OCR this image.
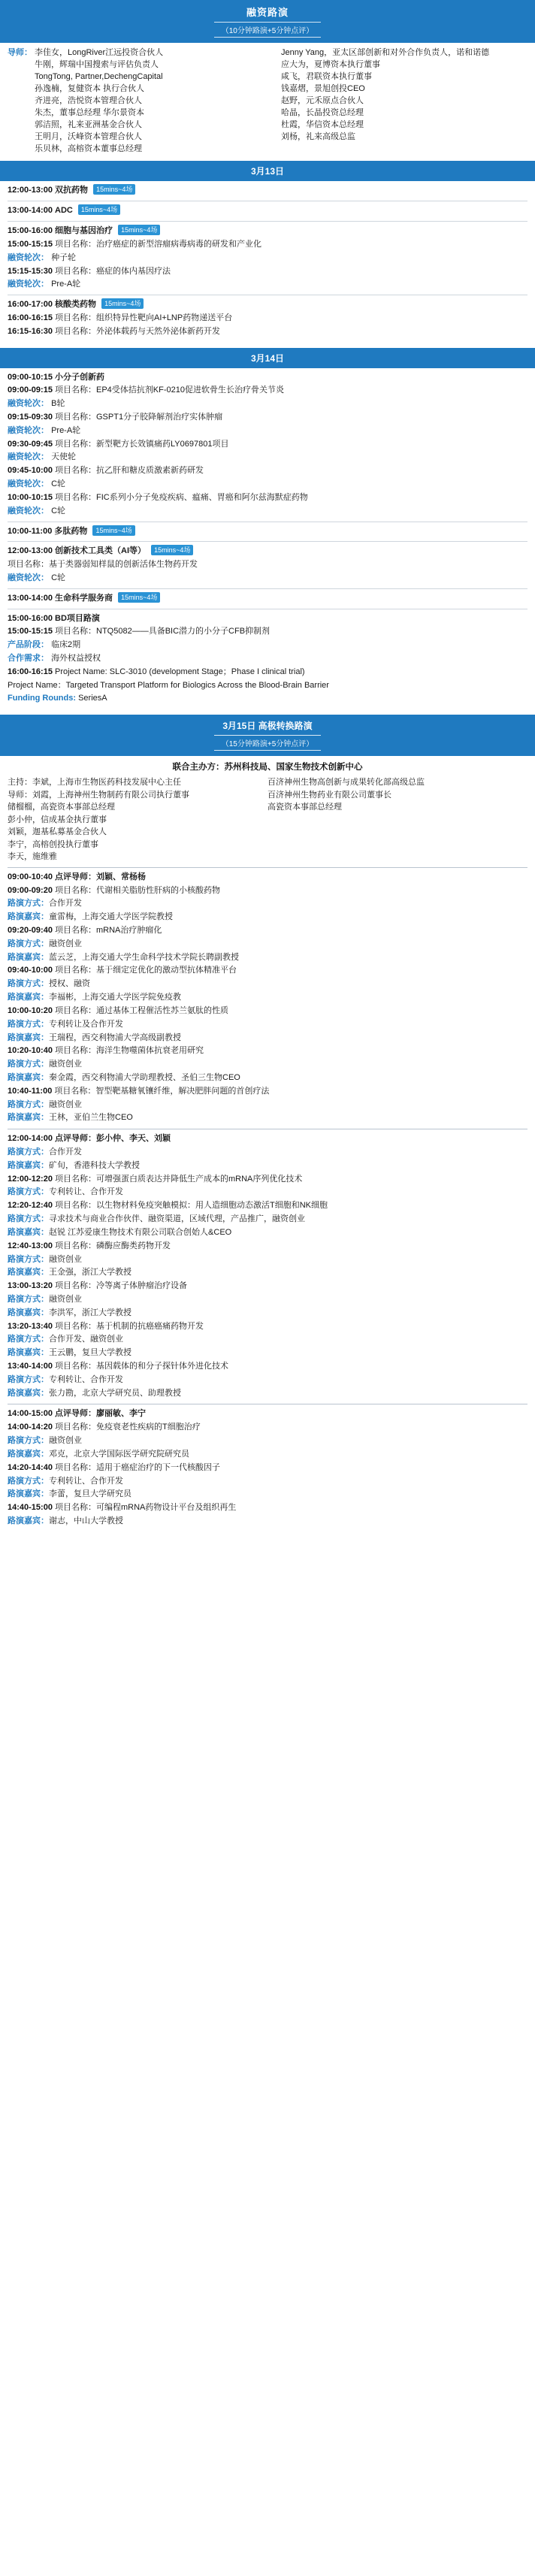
融资路演
（10分钟路演+5分钟点评）
导师： 李佳女，LongRiver江远投资合伙人
牛刚，辉瑞中国搜索与评估负责人
TongTong, Partner,DechengCapital
孙逸楠，复健资本 执行合伙人
齐进亮，浩悦资本管理合伙人
朱杰，董事总经理 华尔景资本
郭洁照，礼来亚洲基金合伙人
王明月，沃峰资本管理合伙人
乐贝林，高榕资本董事总经理
Jenny Yang，亚太区部创新和对外合作负责人，诺和诺德
应大为，夏博资本执行董事
咸飞，君联资本执行董事
钱嘉熠，景旭创投CEO
赵野，元禾原点合伙人
哈晶，长晶投资总经理
杜霞，华信资本总经理
刘杨，礼来高级总监
3月13日
12:00-13:00 双抗药物 15mins~4场
13:00-14:00 ADC 15mins~4场
15:00-16:00 细胞与基因治疗 15mins~4场
15:00-15:15 项目名称：治疗癌症的新型溶瘤病毒病毒的研发和产业化
融资轮次： 种子轮
15:15-15:30 项目名称：癌症的体内基因疗法
融资轮次： Pre-A轮
16:00-17:00 核酸类药物 15mins~4场
16:00-16:15 项目名称：组织特异性靶向AI+LNP药物递送平台
16:15-16:30 项目名称：外泌体载药与天然外泌体新药开发
3月14日
09:00-10:15 小分子创新药
09:00-09:15 项目名称：EP4受体拮抗剂KF-0210促进软骨生长治疗骨关节炎
融资轮次： B轮
09:15-09:30 项目名称：GSPT1分子胶降解剂治疗实体肿瘤
融资轮次： Pre-A轮
09:30-09:45 项目名称：新型靶方长效镇痛药LY0697801项目
融资轮次： 天使轮
09:45-10:00 项目名称：抗乙肝和糖皮质激素新药研发
融资轮次： C轮
10:00-10:15 项目名称：FIC系列小分子免疫疾病、瘟痛、胃癌和阿尔兹海默症药物
融资轮次： C轮
10:00-11:00 多肽药物 15mins~4场
12:00-13:00 创新技术工具类（AI等） 15mins~4场
项目名称：基于类器弱知样鼠的创新活体生物药开发
融资轮次： C轮
13:00-14:00 生命科学服务商 15mins~4场
15:00-16:00 BD项目路演
15:00-15:15 项目名称：NTQ5082——具备BIC潜力的小分子CFB抑制剂
产品阶段： 临床2期
合作需求： 海外权益授权
16:00-16:15 Project Name: SLC-3010 (development Stage；Phase I clinical trial)
Project Name：Targeted Transport Platform for Biologics Across the Blood-Brain Barrier
Funding Rounds: SeriesA
3月15日 高极转换路演
（15分钟路演+5分钟点评）
联合主办方：苏州科技局、国家生物技术创新中心
主持：李斌，上海市生物医药科技发展中心主任
导师：刘霞，上海神州生物制药有限公司执行董事
储榴榴，高瓷资本事部总经理
彭小仲，信成基金执行董事
刘颖，迦基私募基金合伙人
李宁，高榕创投执行董事
李天，施维雅
百济神州生物高创新与成果转化部高级总监
百济神州生物药业有限公司董事长
高瓷资本事部总经理
09:00-10:40 点评导师：刘颖、常杨杨
09:00-09:20 项目名称：代谢相关脂肪性肝病的小核酸药物
路演方式：合作开发
路演嘉宾：童雷梅，上海交通大学医学院教授
09:20-09:40 项目名称：mRNA治疗肿瘤化
路演方式：融资创业
路演嘉宾：蓝云芝，上海交通大学生命科学技术学院长聘副教授
09:40-10:00 项目名称：基于细定定优化的激动型抗体精准平台
路演方式：授权、融资
路演嘉宾：李福彬，上海交通大学医学院免疫教
10:00-10:20 项目名称：通过基体工程催活性苏兰氨肽的性质
路演方式：专利转让及合作开发
路演嘉宾：王瑞程，西交利物浦大学高级副教授
10:20-10:40 项目名称：海洋生物噬菌体抗衰老用研究
路演方式：融资创业
路演嘉宾：秦金霞，西交利物浦大学助理教授、圣伯三生物CEO
10:40-11:00 项目名称：智型靶基糖氧镶纤维，解决肥胖问题的首创疗法
路演方式：融资创业
路演嘉宾：王林，亚伯兰生物CEO
12:00-14:00 点评导师：彭小仲、李天、刘颖
路演方式：合作开发
路演嘉宾：矿旬，香港科技大学教授
12:00-12:20 项目名称：可增强蛋白质表达并降低生产成本的mRNA序列优化技术
路演方式：专利转让、合作开发
12:20-12:40 项目名称：以生物材料免疫突触模拟：用人造细胞动态激活T细胞和NK细胞
路演方式：寻求技术与商业合作伙伴、融资渠道，区域代理，产品推广，融资创业
路演嘉宾：赵锐 江苏爱康生物技术有限公司联合创始人&CEO
12:40-13:00 项目名称：磷酶应酶类药物开发
路演方式：融资创业
路演嘉宾：王金强，浙江大学教授
13:00-13:20 项目名称：冷等离子体肿瘤治疗设备
路演方式：融资创业
路演嘉宾：李洪军，浙江大学教授
13:20-13:40 项目名称：基于机制的抗癌癌痛药物开发
路演方式：合作开发、融资创业
路演嘉宾：王云鹏，复旦大学教授
13:40-14:00 项目名称：基因载体的和分子探针体外进化技术
路演方式：专利转让、合作开发
路演嘉宾：张力勘，北京大学研究员、助理教授
14:00-15:00 点评导师：廖丽敏、李宁
14:00-14:20 项目名称：免疫衰老性疾病的T细胞治疗
路演方式：融资创业
路演嘉宾：邓克，北京大学国际医学研究院研究员
14:20-14:40 项目名称：适用于癌症治疗的下一代核酸因子
路演方式：专利转让、合作开发
路演嘉宾：李蕾，复旦大学研究员
14:40-15:00 项目名称：可编程mRNA药物设计平台及组织再生
路演嘉宾：谢志，中山大学教授
